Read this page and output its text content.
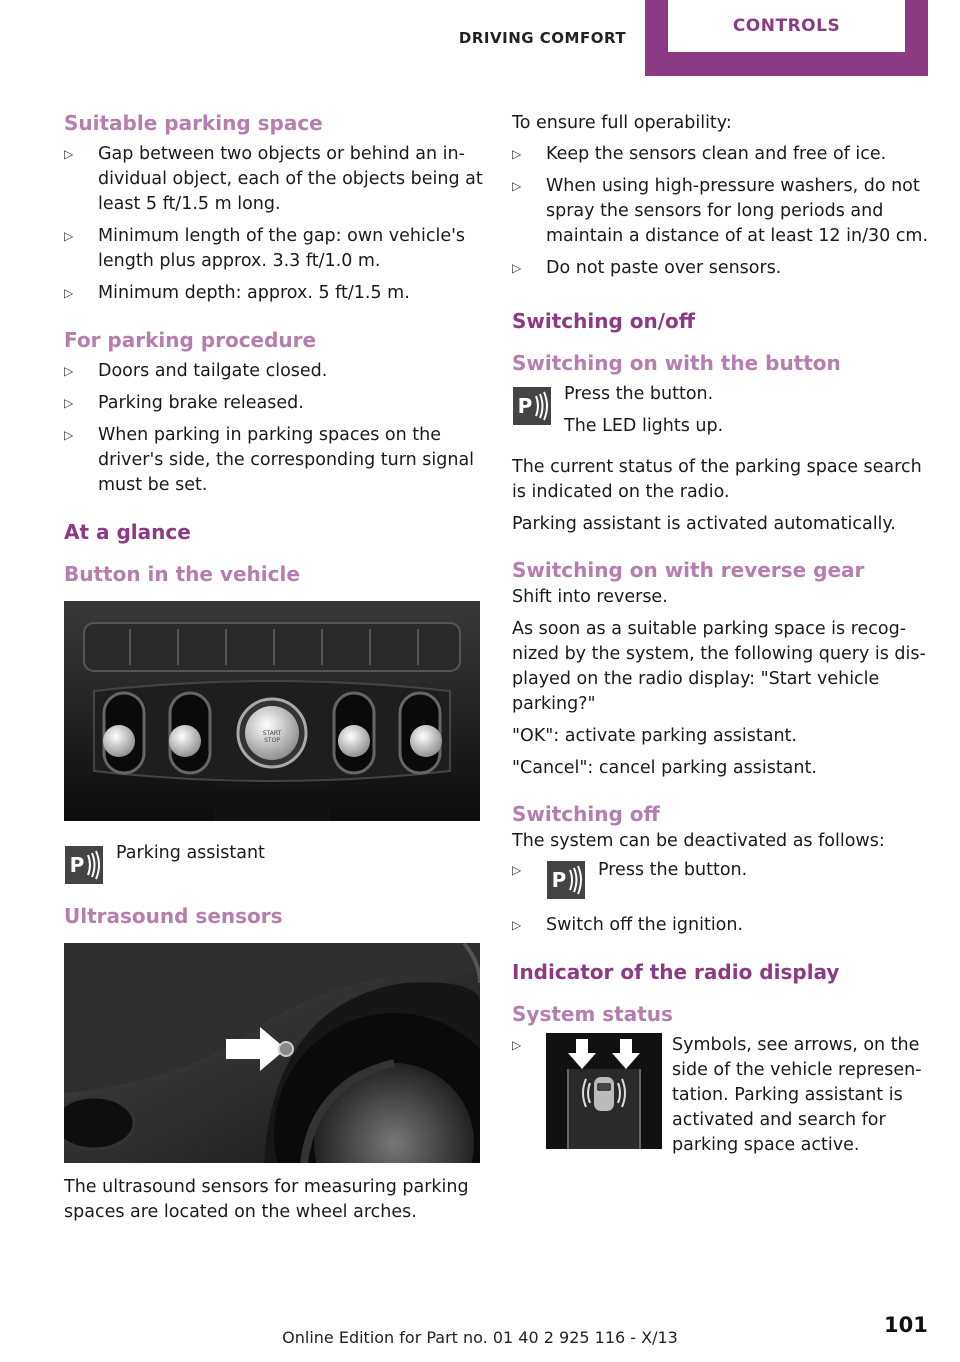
DRIVING COMFORT
CONTROLS
Suitable parking space
▷ Gap between two objects or behind an individual object, each of the objects being at least 5 ft/1.5 m long.
▷ Minimum length of the gap: own vehicle's length plus approx. 3.3 ft/1.0 m.
▷ Minimum depth: approx. 5 ft/1.5 m.
For parking procedure
▷ Doors and tailgate closed.
▷ Parking brake released.
▷ When parking in parking spaces on the driver's side, the corresponding turn signal must be set.
At a glance
Button in the vehicle
START
STOP
P Parking assistant

Ultrasound sensors

The ultrasound sensors for measuring parking spaces are located on the wheel arches.

To ensure full operability:

▷ Keep the sensors clean and free of ice.
▷ When using high-pressure washers, do not spray the sensors for long periods and maintain a distance of at least 12 in/30 cm.
▷ Do not paste over sensors.
Switching on/off
Switching on with the button
P Press the button.

The LED lights up.

The current status of the parking space search is indicated on the radio.

Parking assistant is activated automatically.

Switching on with reverse gear

Shift into reverse.

As soon as a suitable parking space is recognized by the system, the following query is displayed on the radio display: "Start vehicle parking?"

"OK": activate parking assistant.

"Cancel": cancel parking assistant.

Switching off

The system can be deactivated as follows:

▷ P Press the button.
▷ Switch off the ignition.
Indicator of the radio display
System status
▷	Symbols, see arrows, on the side of the vehicle representation. Parking assistant is activated and search for parking space active.

101
Online Edition for Part no. 01 40 2 925 116 - X/13
